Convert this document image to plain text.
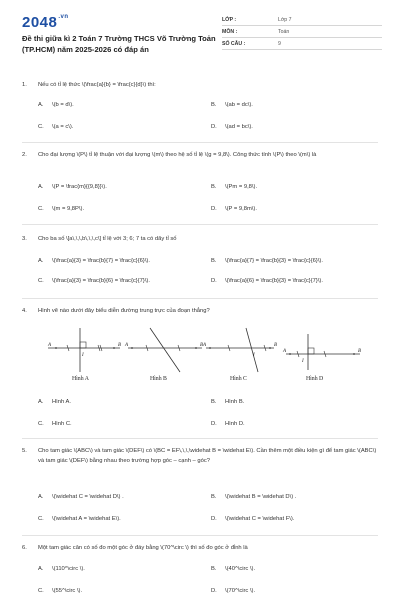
$2048^{.vn}$
Đề thi giữa kì 2 Toán 7 Trường THCS Võ Trường Toản (TP.HCM) năm 2025-2026 có đáp án
LỚP :	Lớp 7
MÔN :	Toán
SỐ CÂU :	9
1. Nếu có tỉ lệ thức \(\frac{a}{b} = \frac{c}{d}\) thì:
A. \(b = d\).	B. \(ab = dc\).
C. \(a = c\).	D. \(ad = bc\).
2. Cho đại lượng \(P\) tỉ lệ thuận với đại lượng \(m\) theo hệ số tỉ lệ \(g = 9,8\). Công thức tính \(P\) theo \(m\) là
A. \(P = \frac{m}{{9,8}}\).	B. \(Pm = 9,8\).
C. \(m = 9,8P\).	D. \(P = 9,8m\).
3. Cho ba số \[a\,\,\,b\,\,\,c\] tỉ lệ với 3; 6; 7 ta có dãy tỉ số
A. \(\frac{a}{3} = \frac{b}{7} = \frac{c}{6}\).	B. \(\frac{a}{7} = \frac{b}{3} = \frac{c}{6}\).
C. \(\frac{a}{3} = \frac{b}{6} = \frac{c}{7}\).	D. \(\frac{a}{6} = \frac{b}{3} = \frac{c}{7}\).
4. Hình vẽ nào dưới đây biểu diễn đường trung trực của đoạn thẳng?
A	B
I
Hình A
A	B
Hình B
A	B
I
Hình C
A	B
I
Hình D
A. Hình A.	B. Hình B.
C. Hình C.	D. Hình D.
5. Cho tam giác \(ABC\) và tam giác \(DEF\) có \(BC = EF\,\,\,\widehat B = \widehat E\). Cần thêm một điều kiện gì để tam giác \(ABC\) và tam giác \(DEF\) bằng nhau theo trường hợp góc – cạnh – góc?
A. \(\widehat C = \widehat D\) .	B. \(\widehat B = \widehat D\) .
C. \(\widehat A = \widehat E\).	D. \(\widehat C = \widehat F\).
6. Một tam giác cân có số đo một góc ở đáy bằng \(70^\circ \) thì số đo góc ở đỉnh là
A. \(110^\circ \).	B. \(40^\circ \).
C. \(55^\circ \).	D. \(70^\circ \).
